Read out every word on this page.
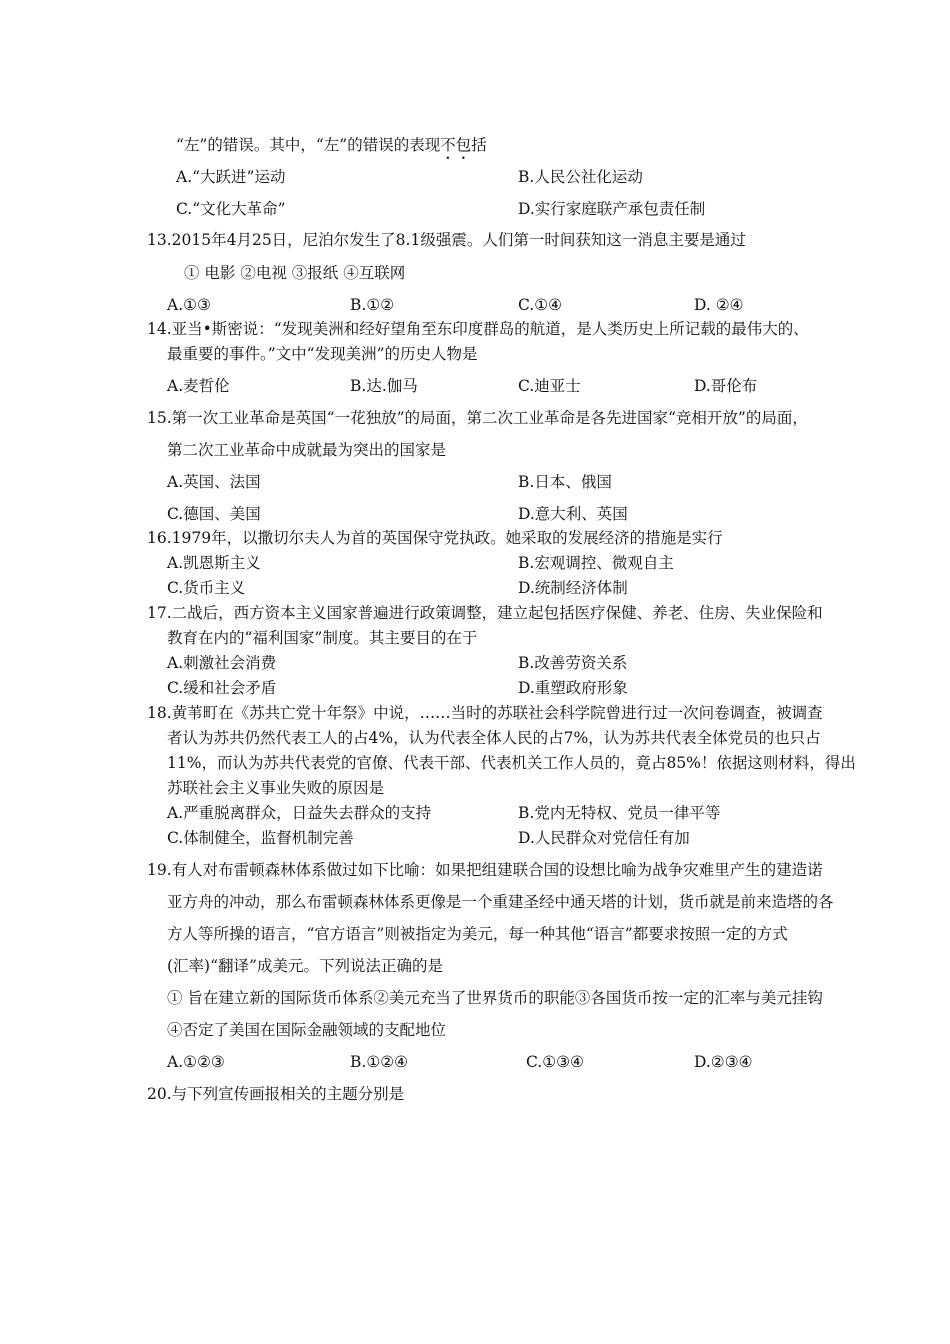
“左”的错误。其中，“左”的错误的表现不包括
A.“大跃进”运动	B.人民公社化运动
C.“文化大革命”	D.实行家庭联产承包责任制
13.2015年4月25日，尼泊尔发生了8.1级强震。人们第一时间获知这一消息主要是通过
① 电影 ②电视 ③报纸 ④互联网
A.①③	B.①②	C.①④	D. ②④
14.亚当•斯密说：“发现美洲和经好望角至东印度群岛的航道，是人类历史上所记载的最伟大的、
最重要的事件。”文中“发现美洲”的历史人物是
A.麦哲伦	B.达.伽马	C.迪亚士	D.哥伦布
15.第一次工业革命是英国“一花独放”的局面，第二次工业革命是各先进国家“竞相开放”的局面，
第二次工业革命中成就最为突出的国家是
A.英国、法国	B.日本、俄国
C.德国、美国	D.意大利、英国
16.1979年，以撒切尔夫人为首的英国保守党执政。她采取的发展经济的措施是实行
A.凯恩斯主义	B.宏观调控、微观自主
C.货币主义	D.统制经济体制
17.二战后，西方资本主义国家普遍进行政策调整，建立起包括医疗保健、养老、住房、失业保险和
教育在内的“福利国家”制度。其主要目的在于
A.刺激社会消费	B.改善劳资关系
C.缓和社会矛盾	D.重塑政府形象
18.黄苇町在《苏共亡党十年祭》中说，……当时的苏联社会科学院曾进行过一次问卷调查，被调查
者认为苏共仍然代表工人的占4%，认为代表全体人民的占7%，认为苏共代表全体党员的也只占
11%，而认为苏共代表党的官僚、代表干部、代表机关工作人员的，竟占85%！依据这则材料，得出
苏联社会主义事业失败的原因是
A.严重脱离群众，日益失去群众的支持	B.党内无特权、党员一律平等
C.体制健全，监督机制完善	D.人民群众对党信任有加
19.有人对布雷顿森林体系做过如下比喻：如果把组建联合国的设想比喻为战争灾难里产生的建造诺
亚方舟的冲动，那么布雷顿森林体系更像是一个重建圣经中通天塔的计划，货币就是前来造塔的各
方人等所操的语言，“官方语言”则被指定为美元，每一种其他“语言”都要求按照一定的方式
(汇率)“翻译”成美元。下列说法正确的是
① 旨在建立新的国际货币体系②美元充当了世界货币的职能③各国货币按一定的汇率与美元挂钩
④否定了美国在国际金融领域的支配地位
A.①②③	B.①②④	C.①③④	D.②③④
20.与下列宣传画报相关的主题分别是
